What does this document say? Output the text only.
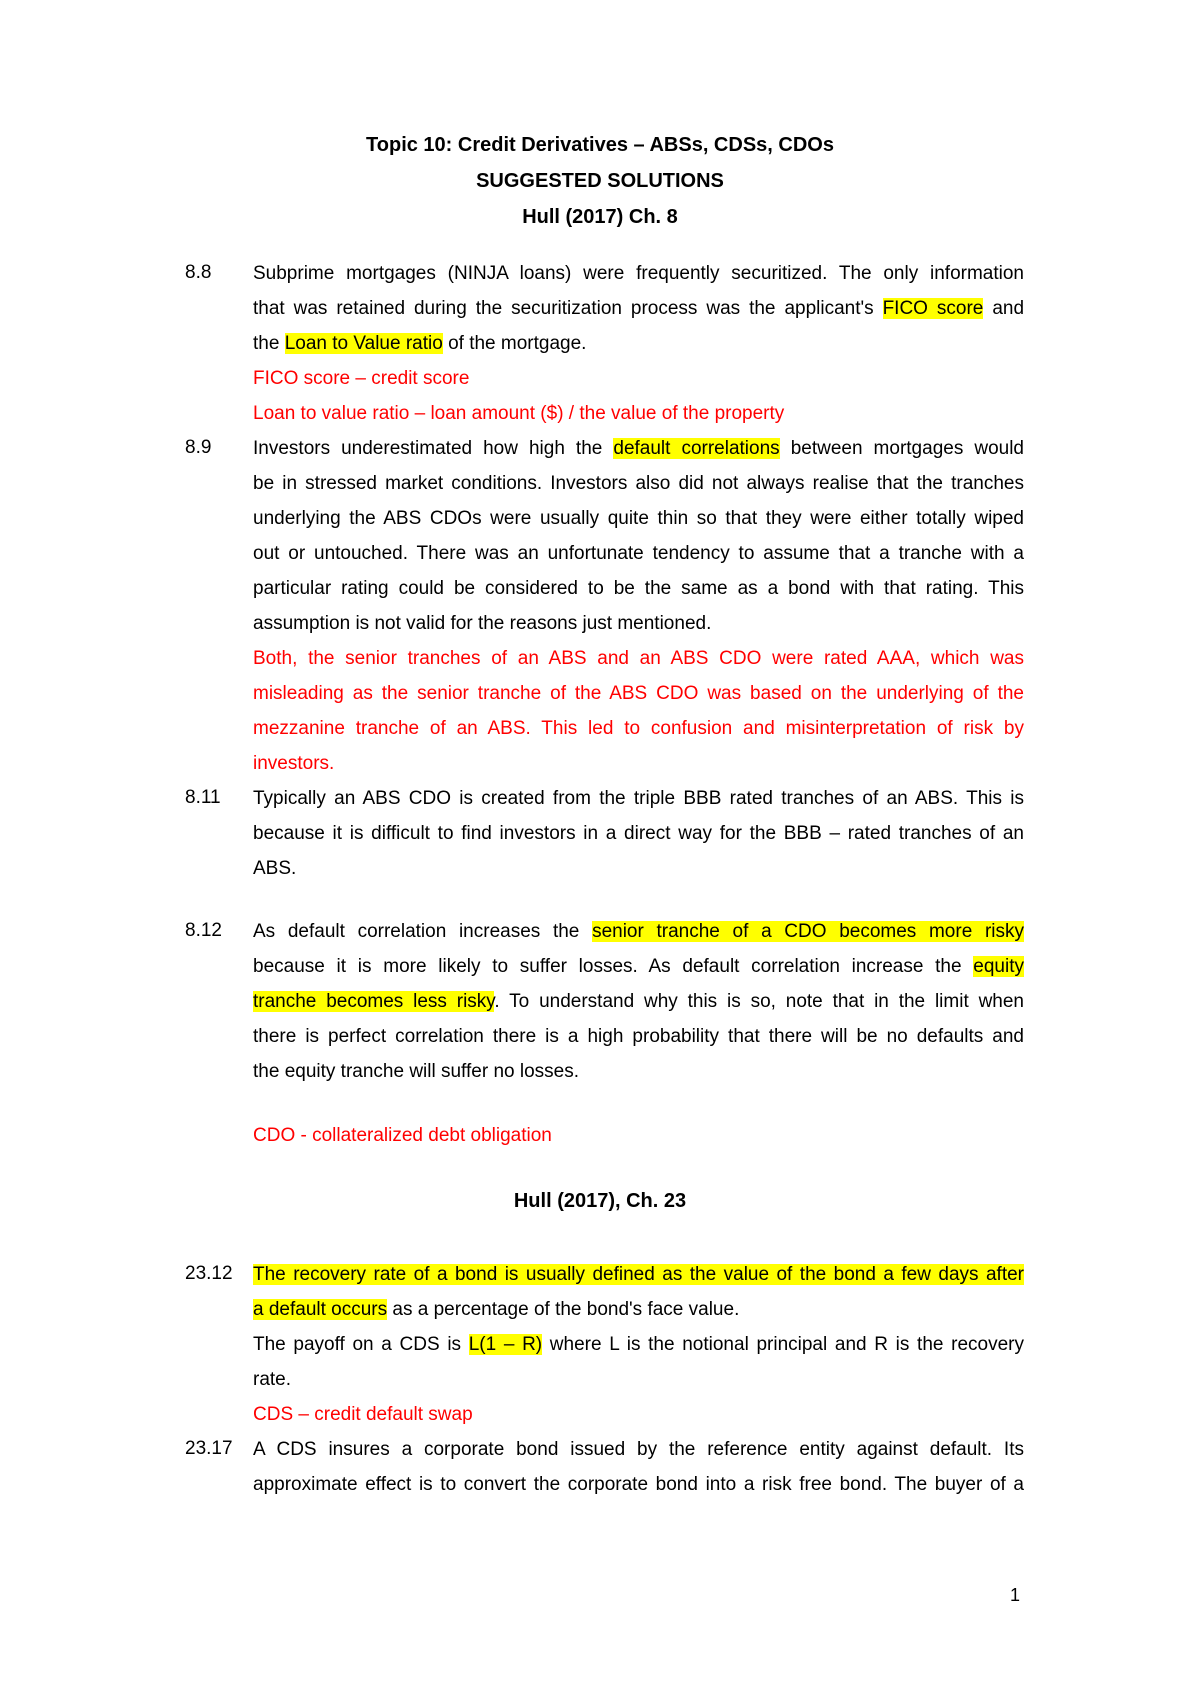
Topic 10: Credit Derivatives – ABSs, CDSs, CDOs
SUGGESTED SOLUTIONS
Hull (2017) Ch. 8
8.8 Subprime mortgages (NINJA loans) were frequently securitized. The only information
that was retained during the securitization process was the applicant's FICO score and
the Loan to Value ratio of the mortgage.
FICO score – credit score
Loan to value ratio – loan amount ($) / the value of the property
8.9 Investors underestimated how high the default correlations between mortgages would
be in stressed market conditions. Investors also did not always realise that the tranches
underlying the ABS CDOs were usually quite thin so that they were either totally wiped
out or untouched. There was an unfortunate tendency to assume that a tranche with a
particular rating could be considered to be the same as a bond with that rating. This
assumption is not valid for the reasons just mentioned.
Both, the senior tranches of an ABS and an ABS CDO were rated AAA, which was
misleading as the senior tranche of the ABS CDO was based on the underlying of the
mezzanine tranche of an ABS. This led to confusion and misinterpretation of risk by
investors.
8.11 Typically an ABS CDO is created from the triple BBB rated tranches of an ABS. This is
because it is difficult to find investors in a direct way for the BBB – rated tranches of an
ABS.
8.12 As default correlation increases the senior tranche of a CDO becomes more risky
because it is more likely to suffer losses. As default correlation increase the equity
tranche becomes less risky. To understand why this is so, note that in the limit when
there is perfect correlation there is a high probability that there will be no defaults and
the equity tranche will suffer no losses.
CDO - collateralized debt obligation
Hull (2017), Ch. 23
23.12 The recovery rate of a bond is usually defined as the value of the bond a few days after
a default occurs as a percentage of the bond's face value.
The payoff on a CDS is L(1 – R) where L is the notional principal and R is the recovery
rate.
CDS – credit default swap
23.17 A CDS insures a corporate bond issued by the reference entity against default. Its
approximate effect is to convert the corporate bond into a risk free bond. The buyer of a
1
